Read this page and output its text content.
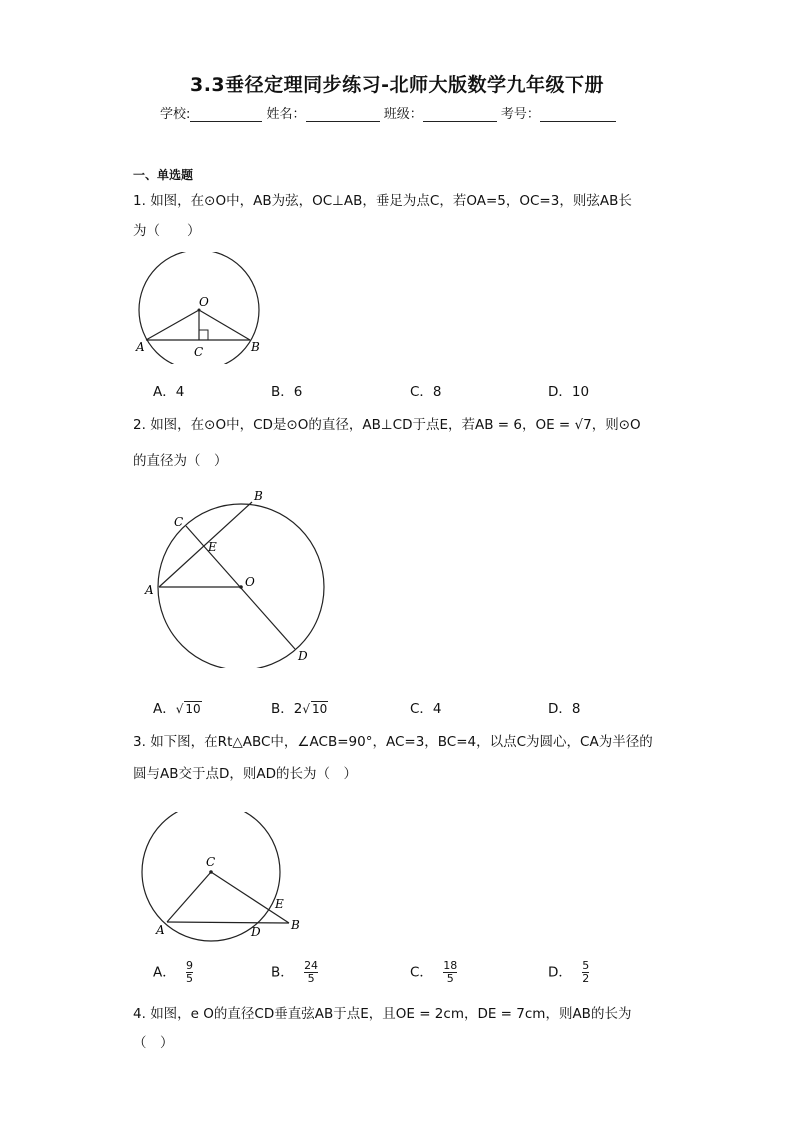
3.3垂径定理同步练习-北师大版数学九年级下册
学校:	姓名：	班级：	考号：
一、单选题
1. 如图，在⊙O中，AB为弦，OC⊥AB，垂足为点C，若OA=5，OC=3，则弦AB长
为（　　）
O
A	B
C
A．4	B．6	C．8	D．10
2. 如图，在⊙O中，CD是⊙O的直径，AB⊥CD于点E，若AB = 6，OE = √7，则⊙O
的直径为（　）
B
C
E
O
A
D
A．√ 10	B．2√ 10	C．4	D．8
3. 如下图，在Rt△ABC中，∠ACB=90°，AC=3，BC=4，以点C为圆心，CA为半径的
圆与AB交于点D，则AD的长为（　）
C
A	D
E
B
A． $\frac{9}{5}$	B． $\frac{24}{5}$	C． $\frac{18}{5}$	D． $\frac{5}{2}$
4. 如图，e O的直径CD垂直弦AB于点E，且OE = 2cm，DE = 7cm，则AB的长为
（　）
